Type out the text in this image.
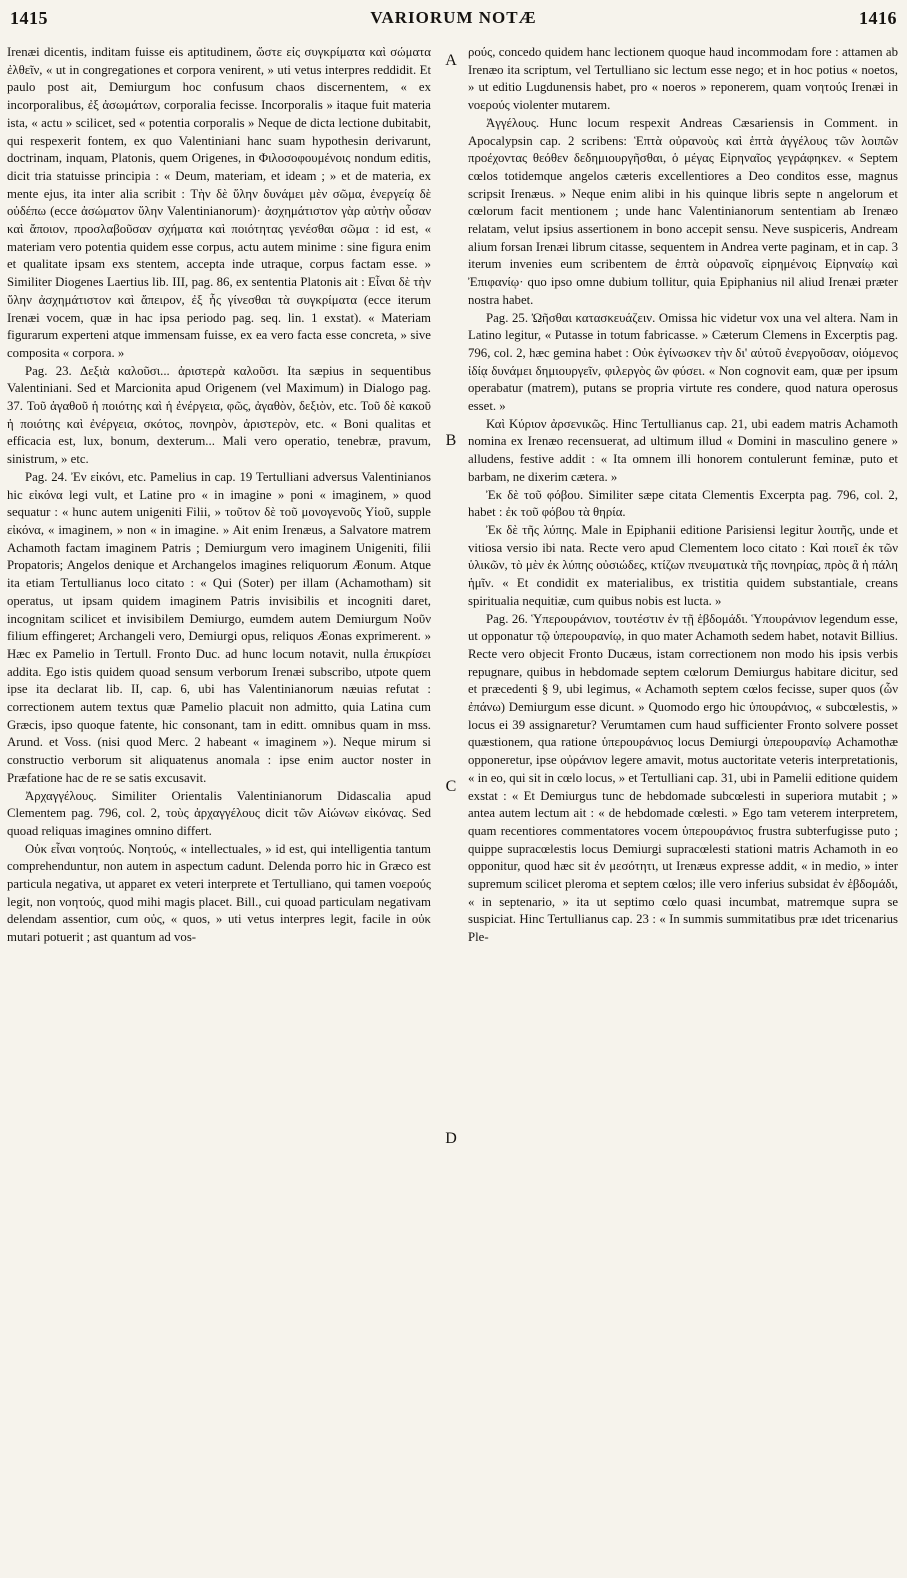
1415	VARIORUM NOTÆ	1416

Irenæi dicentis, inditam fuisse eis aptitudinem, ὥστε εἰς συγκρίματα καὶ σώματα ἐλθεῖν, « ut in congregationes et corpora venirent, » uti vetus interpres reddidit. Et paulo post ait, Demiurgum hoc confusum chaos discernentem, « ex incorporalibus, ἐξ ἀσωμάτων, corporalia fecisse. Incorporalis » itaque fuit materia ista, « actu » scilicet, sed « potentia corporalis » Neque de dicta lectione dubitabit, qui respexerit fontem, ex quo Valentiniani hanc suam hypothesin derivarunt, doctrinam, inquam, Platonis, quem Origenes, in Φιλοσοφουμένοις nondum editis, dicit tria statuisse principia : « Deum, materiam, et ideam ; » et de materia, ex mente ejus, ita inter alia scribit : Τὴν δὲ ὕλην δυνάμει μὲν σῶμα, ἐνεργείᾳ δὲ οὐδέπω (ecce ἀσώματον ὕλην Valentinianorum)· ἀσχημάτιστον γὰρ αὐτὴν οὖσαν καὶ ἄποιον, προσλαβοῦσαν σχήματα καὶ ποιότητας γενέσθαι σῶμα : id est, « materiam vero potentia quidem esse corpus, actu autem minime : sine figura enim et qualitate ipsam exs stentem, accepta inde utraque, corpus factam esse. » Similiter Diogenes Laertius lib. III, pag. 86, ex sententia Platonis ait : Εἶναι δὲ τὴν ὕλην ἀσχημάτιστον καὶ ἄπειρον, ἐξ ἧς γίνεσθαι τὰ συγκρίματα (ecce iterum Irenæi vocem, quæ in hac ipsa periodo pag. seq. lin. 1 exstat). « Materiam figurarum experteni atque immensam fuisse, ex ea vero facta esse concreta, » sive composita « corpora. »

Pag. 23. Δεξιὰ καλοῦσι... ἀριστερὰ καλοῦσι. Ita sæpius in sequentibus Valentiniani. Sed et Marcionita apud Origenem (vel Maximum) in Dialogo pag. 37. Τοῦ ἀγαθοῦ ἡ ποιότης καὶ ἡ ἐνέργεια, φῶς, ἀγαθὸν, δεξιὸν, etc. Τοῦ δὲ κακοῦ ἡ ποιότης καὶ ἐνέργεια, σκότος, πονηρὸν, ἀριστερὸν, etc. « Boni qualitas et efficacia est, lux, bonum, dexterum... Mali vero operatio, tenebræ, pravum, sinistrum, » etc.

Pag. 24. Ἐν εἰκόνι, etc. Pamelius in cap. 19 Tertulliani adversus Valentinianos hic εἰκόνα legi vult, et Latine pro « in imagine » poni « imaginem, » quod sequatur : « hunc autem unigeniti Filii, » τοῦτον δὲ τοῦ μονογενοῦς Υἱοῦ, supple εἰκόνα, « imaginem, » non « in imagine. » Ait enim Irenæus, a Salvatore matrem Achamoth factam imaginem Patris ; Demiurgum vero imaginem Unigeniti, filii Propatoris; Angelos denique et Archangelos imagines reliquorum Æonum. Atque ita etiam Tertullianus loco citato : « Qui (Soter) per illam (Achamotham) sit operatus, ut ipsam quidem imaginem Patris invisibilis et incogniti daret, incognitam scilicet et invisibilem Demiurgo, eumdem autem Demiurgum Νοῦν filium effingeret; Archangeli vero, Demiurgi opus, reliquos Æonas exprimerent. » Hæc ex Pamelio in Tertull. Fronto Duc. ad hunc locum notavit, nulla ἐπικρίσει addita. Ego istis quidem quoad sensum verborum Irenæi subscribo, utpote quem ipse ita declarat lib. II, cap. 6, ubi has Valentinianorum næuias refutat : correctionem autem textus quæ Pamelio placuit non admitto, quia Latina cum Græcis, ipso quoque fatente, hic consonant, tam in editt. omnibus quam in mss. Arund. et Voss. (nisi quod Merc. 2 habeant « imaginem »). Neque mirum si constructio verborum sit aliquatenus anomala : ipse enim auctor noster in Præfatione hac de re se satis excusavit.

Ἀρχαγγέλους. Similiter Orientalis Valentinianorum Didascalia apud Clementem pag. 796, col. 2, τοὺς ἀρχαγγέλους dicit τῶν Αἰώνων εἰκόνας. Sed quoad reliquas imagines omnino differt.

Οὐκ εἶναι νοητούς. Νοητούς, « intellectuales, » id est, qui intelligentia tantum comprehenduntur, non autem in aspectum cadunt. Delenda porro hic in Græco est particula negativa, ut apparet ex veteri interprete et Tertulliano, qui tamen νοερούς legit, non νοητούς, quod mihi magis placet. Bill., cui quoad particulam negativam delendam assentior, cum οὐς, « quos, » uti vetus interpres legit, facile in οὐκ mutari potuerit ; ast quantum ad vos-

A
B
C
D

ρούς, concedo quidem hanc lectionem quoque haud incommodam fore : attamen ab Irenæo ita scriptum, vel Tertulliano sic lectum esse nego; et in hoc potius « noetos, » ut editio Lugdunensis habet, pro « noeros » reponerem, quam νοητούς Irenæi in νοερούς violenter mutarem.

Ἀγγέλους. Hunc locum respexit Andreas Cæsariensis in Comment. in Apocalypsin cap. 2 scribens: Ἑπτὰ οὐρανοὺς καὶ ἑπτὰ ἀγγέλους τῶν λοιπῶν προέχοντας θεόθεν δεδημιουργῆσθαι, ὁ μέγας Εἰρηναῖος γεγράφηκεν. « Septem cœlos totidemque angelos cæteris excellentiores a Deo conditos esse, magnus scripsit Irenæus. » Neque enim alibi in his quinque libris septe n angelorum et cœlorum facit mentionem ; unde hanc Valentinianorum sententiam ab Irenæo relatam, velut ipsius assertionem in bono accepit sensu. Neve suspiceris, Andream alium forsan Irenæi librum citasse, sequentem in Andrea verte paginam, et in cap. 3 iterum invenies eum scribentem de ἑπτὰ οὐρανοῖς εἰρημένοις Εἰρηναίῳ καὶ Ἐπιφανίῳ· quo ipso omne dubium tollitur, quia Epiphanius nil aliud Irenæi præter nostra habet.

Pag. 25. Ὠῆσθαι κατασκευάζειν. Omissa hic videtur vox una vel altera. Nam in Latino legitur, « Putasse in totum fabricasse. » Cæterum Clemens in Excerptis pag. 796, col. 2, hæc gemina habet : Οὐκ ἐγίνωσκεν τὴν δι' αὐτοῦ ἐνεργοῦσαν, οἰόμενος ἰδίᾳ δυνάμει δημιουργεῖν, φιλεργὸς ὢν φύσει. « Non cognovit eam, quæ per ipsum operabatur (matrem), putans se propria virtute res condere, quod natura operosus esset. »

Καὶ Κύριον ἀρσενικῶς. Hinc Tertullianus cap. 21, ubi eadem matris Achamoth nomina ex Irenæo recensuerat, ad ultimum illud « Domini in masculino genere » alludens, festive addit : « Ita omnem illi honorem contulerunt feminæ, puto et barbam, ne dixerim cætera. »

Ἐκ δὲ τοῦ φόβου. Similiter sæpe citata Clementis Excerpta pag. 796, col. 2, habet : ἐκ τοῦ φόβου τὰ θηρία.

Ἐκ δὲ τῆς λύπης. Male in Epiphanii editione Parisiensi legitur λοιπῆς, unde et vitiosa versio ibi nata. Recte vero apud Clementem loco citato : Καὶ ποιεῖ ἐκ τῶν ὑλικῶν, τὸ μὲν ἐκ λύπης οὐσιώδες, κτίζων πνευματικὰ τῆς πονηρίας, πρὸς ἃ ἡ πάλη ἡμῖν. « Et condidit ex materialibus, ex tristitia quidem substantiale, creans spiritualia nequitiæ, cum quibus nobis est lucta. »

Pag. 26. Ὑπερουράνιον, τουτέστιν ἐν τῇ ἑβδομάδι. Ὑπουράνιον legendum esse, ut opponatur τῷ ὑπερουρανίῳ, in quo mater Achamoth sedem habet, notavit Billius. Recte vero objecit Fronto Ducæus, istam correctionem non modo his ipsis verbis repugnare, quibus in hebdomade septem cœlorum Demiurgus habitare dicitur, sed et præcedenti § 9, ubi legimus, « Achamoth septem cœlos fecisse, super quos (ὧν ἐπάνω) Demiurgum esse dicunt. » Quomodo ergo hic ὑπουράνιος, « subcœlestis, » locus ei 39 assignaretur? Verumtamen cum haud sufficienter Fronto solvere posset quæstionem, qua ratione ὑπερουράνιος locus Demiurgi ὑπερουρανίῳ Achamothæ opponeretur, ipse οὐράνιον legere amavit, motus auctoritate veteris interpretationis, « in eo, qui sit in cœlo locus, » et Tertulliani cap. 31, ubi in Pamelii editione quidem exstat : « Et Demiurgus tunc de hebdomade subcœlesti in superiora mutabit ; » antea autem lectum ait : « de hebdomade cœlesti. » Ego tam veterem interpretem, quam recentiores commentatores vocem ὑπερουράνιος frustra subterfugisse puto ; quippe supracœlestis locus Demiurgi supracœlesti stationi matris Achamoth in eo opponitur, quod hæc sit ἐν μεσότητι, ut Irenæus expresse addit, « in medio, » inter supremum scilicet pleroma et septem cœlos; ille vero inferius subsidat ἐν ἑβδομάδι, « in septenario, » ita ut septimo cœlo quasi incumbat, matremque supra se suspiciat. Hinc Tertullianus cap. 23 : « In summis summitatibus præ ıdet tricenarius Ple-
